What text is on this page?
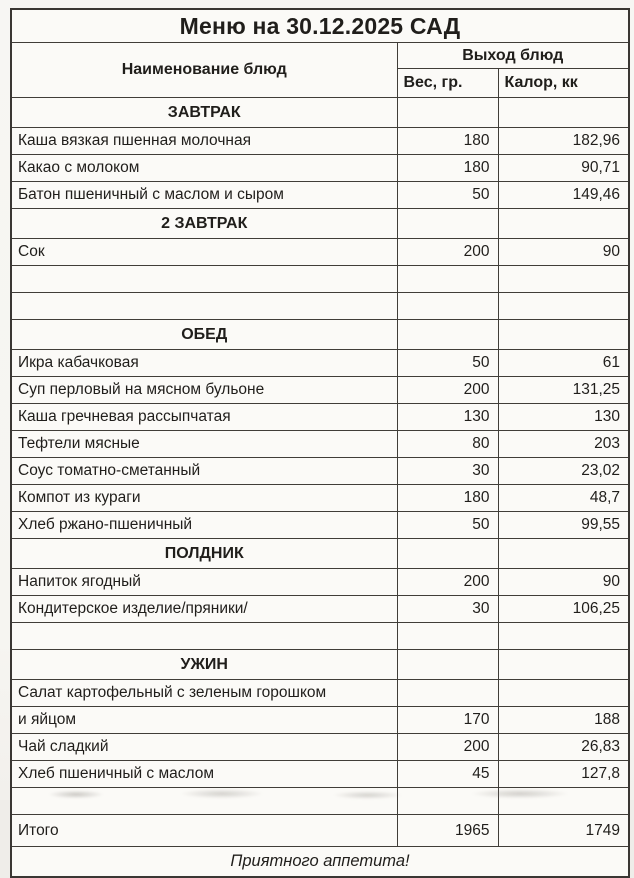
Меню на 30.12.2025 САД		
Наименование блюд	Выход блюд	
	Вес, гр.	Калор, кк
ЗАВТРАК		
Каша вязкая пшенная молочная	180	182,96
Какао с молоком	180	90,71
Батон пшеничный с маслом и сыром	50	149,46
2 ЗАВТРАК		
Сок	200	90

ОБЕД		
Икра кабачковая	50	61
Суп перловый на мясном бульоне	200	131,25
Каша гречневая рассыпчатая	130	130
Тефтели мясные	80	203
Соус томатно-сметанный	30	23,02
Компот из кураги	180	48,7
Хлеб ржано-пшеничный	50	99,55
ПОЛДНИК		
Напиток ягодный	200	90
Кондитерское изделие/пряники/	30	106,25

УЖИН		
Салат картофельный с зеленым горошком		
и яйцом	170	188
Чай сладкий	200	26,83
Хлеб пшеничный с маслом	45	127,8

Итого	1965	1749
Приятного аппетита!		
